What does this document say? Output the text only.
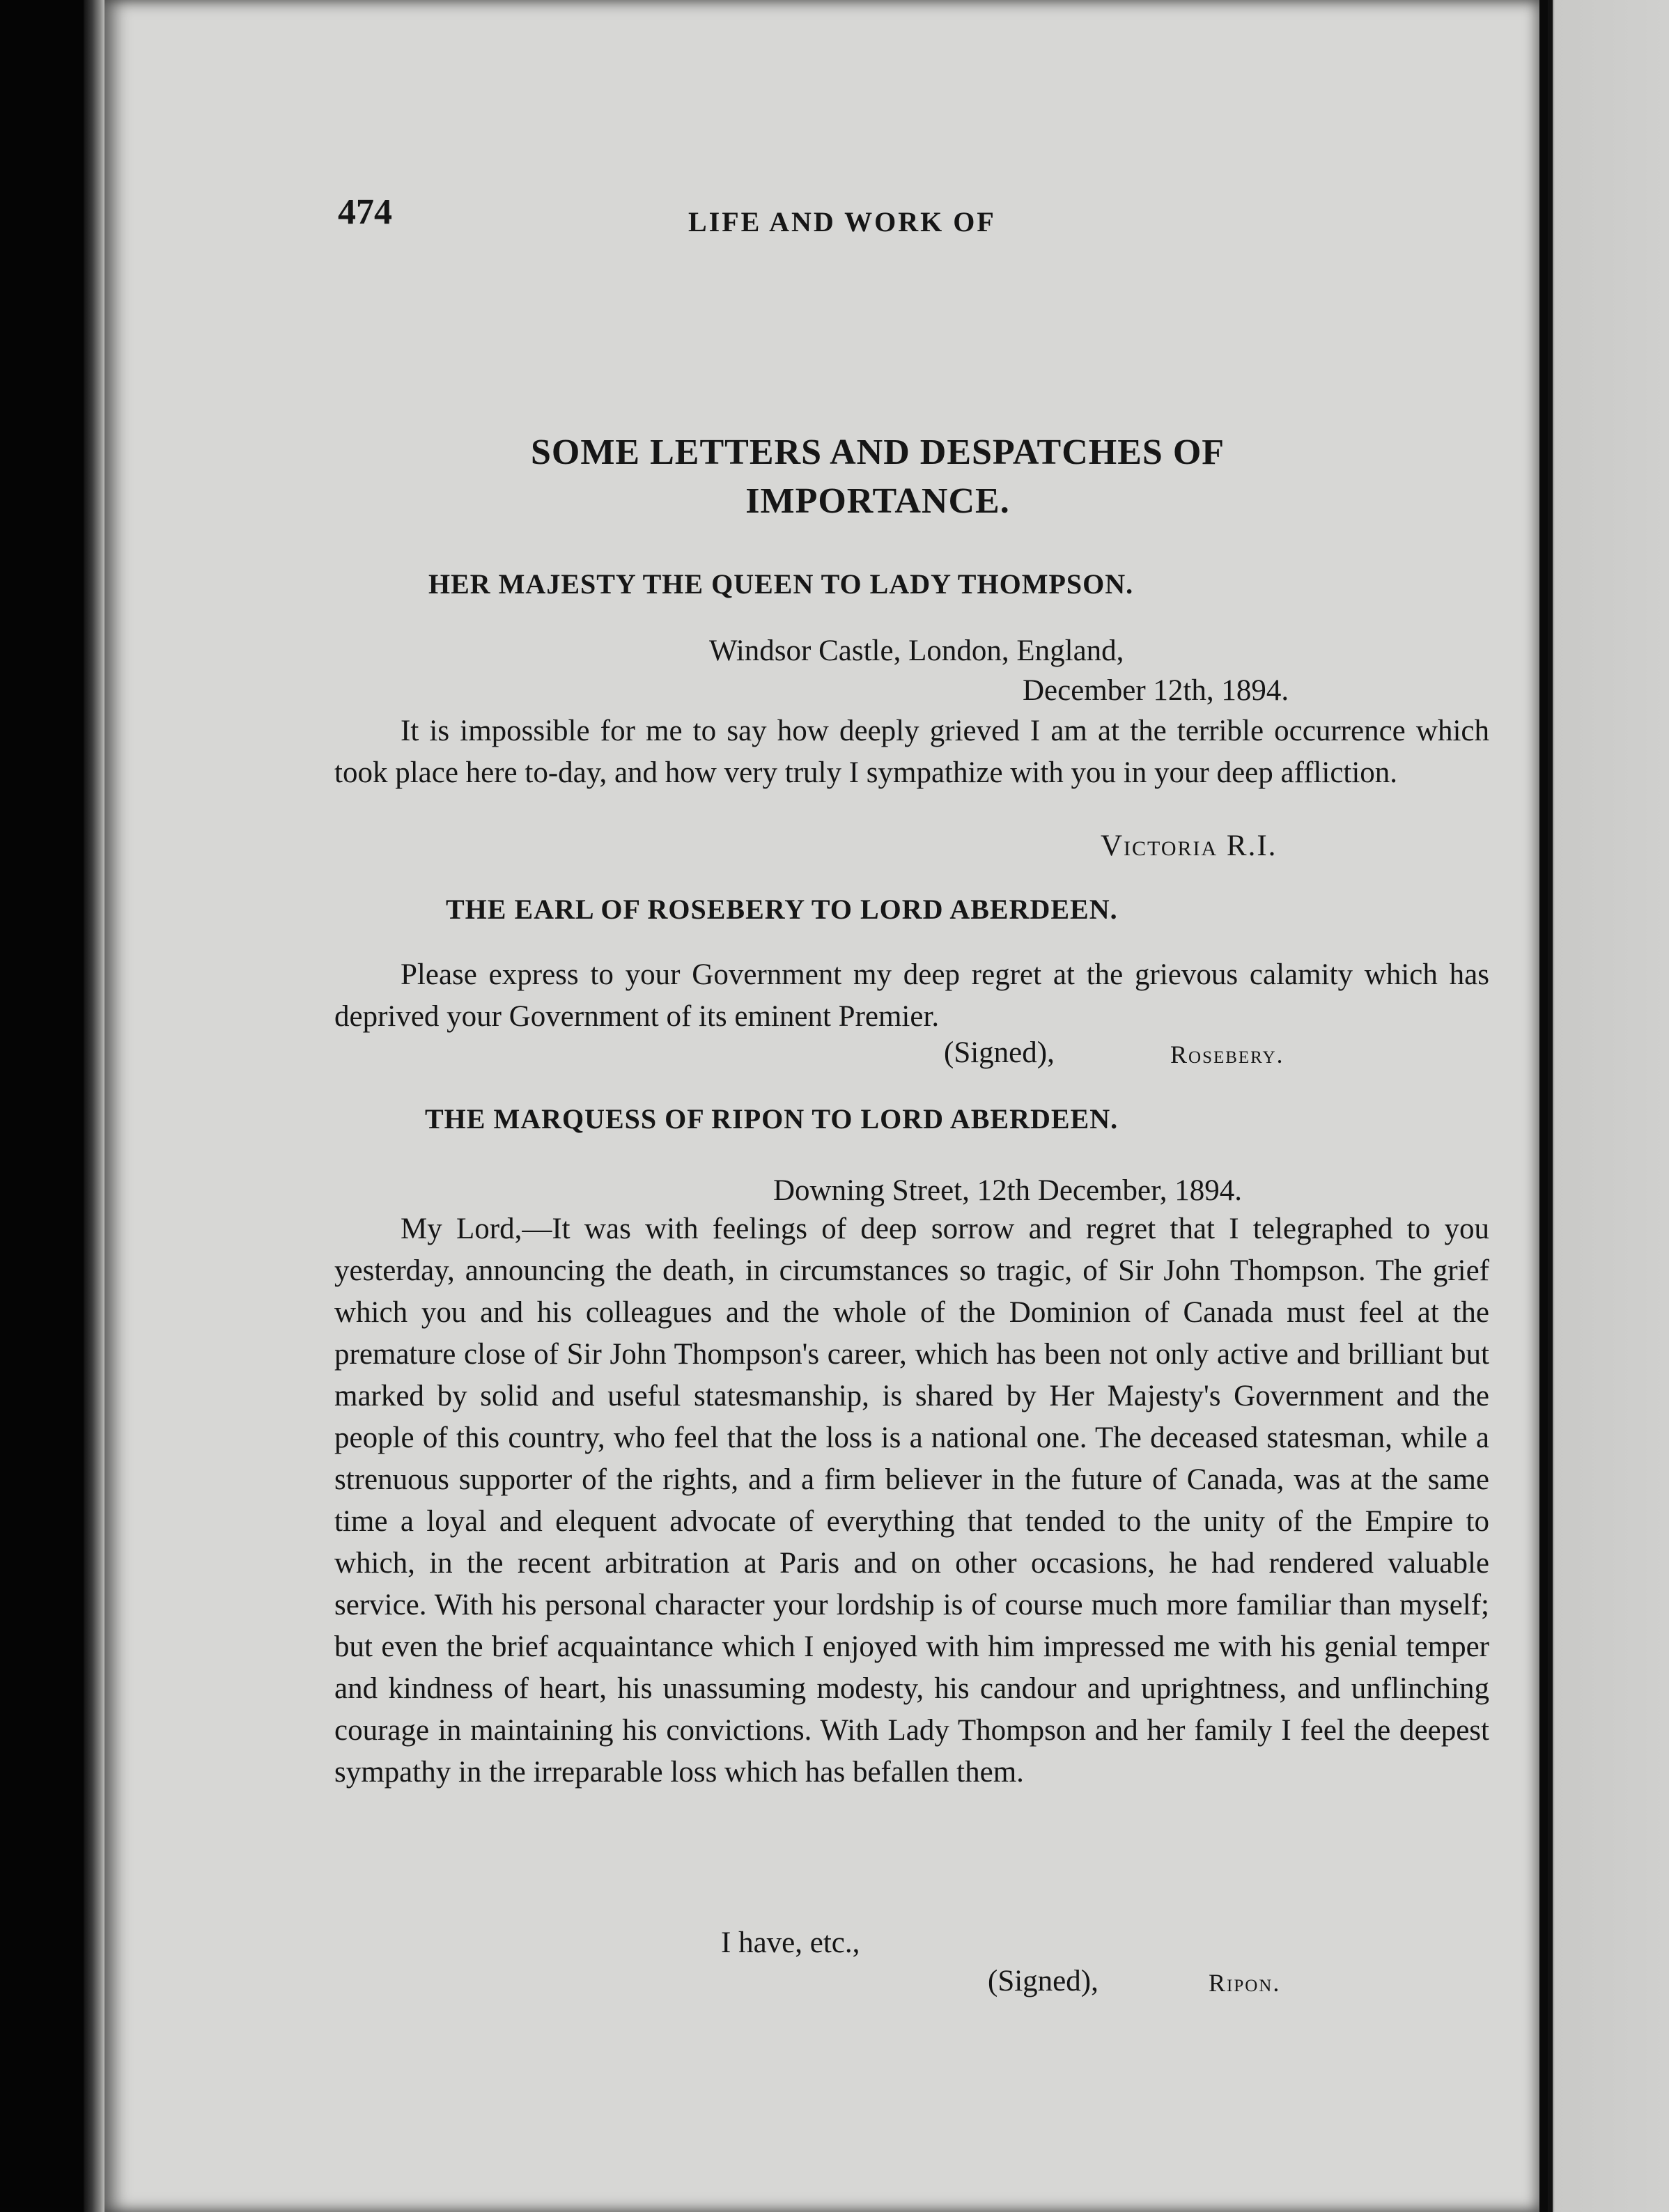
474	LIFE AND WORK OF
SOME LETTERS AND DESPATCHES OF
IMPORTANCE.
HER MAJESTY THE QUEEN TO LADY THOMPSON.
Windsor Castle, London, England,
December 12th, 1894.

It is impossible for me to say how deeply grieved I am at the terrible occurrence which took place here to-day, and how very truly I sympathize with you in your deep affliction.

Victoria R.I.
THE EARL OF ROSEBERY TO LORD ABERDEEN.

Please express to your Government my deep regret at the grievous calamity which has deprived your Government of its eminent Premier.

(Signed),	Rosebery.
THE MARQUESS OF RIPON TO LORD ABERDEEN.
Downing Street, 12th December, 1894.

My Lord,—It was with feelings of deep sorrow and regret that I telegraphed to you yesterday, announcing the death, in circumstances so tragic, of Sir John Thompson. The grief which you and his colleagues and the whole of the Dominion of Canada must feel at the premature close of Sir John Thompson's career, which has been not only active and brilliant but marked by solid and useful statesmanship, is shared by Her Majesty's Government and the people of this country, who feel that the loss is a national one. The deceased statesman, while a strenuous supporter of the rights, and a firm believer in the future of Canada, was at the same time a loyal and elequent advocate of everything that tended to the unity of the Empire to which, in the recent arbitration at Paris and on other occasions, he had rendered valuable service. With his personal character your lordship is of course much more familiar than myself; but even the brief acquaintance which I enjoyed with him impressed me with his genial temper and kindness of heart, his unassuming modesty, his candour and uprightness, and unflinching courage in maintaining his convictions. With Lady Thompson and her family I feel the deepest sympathy in the irreparable loss which has befallen them.

I have, etc.,
(Signed),	Ripon.
